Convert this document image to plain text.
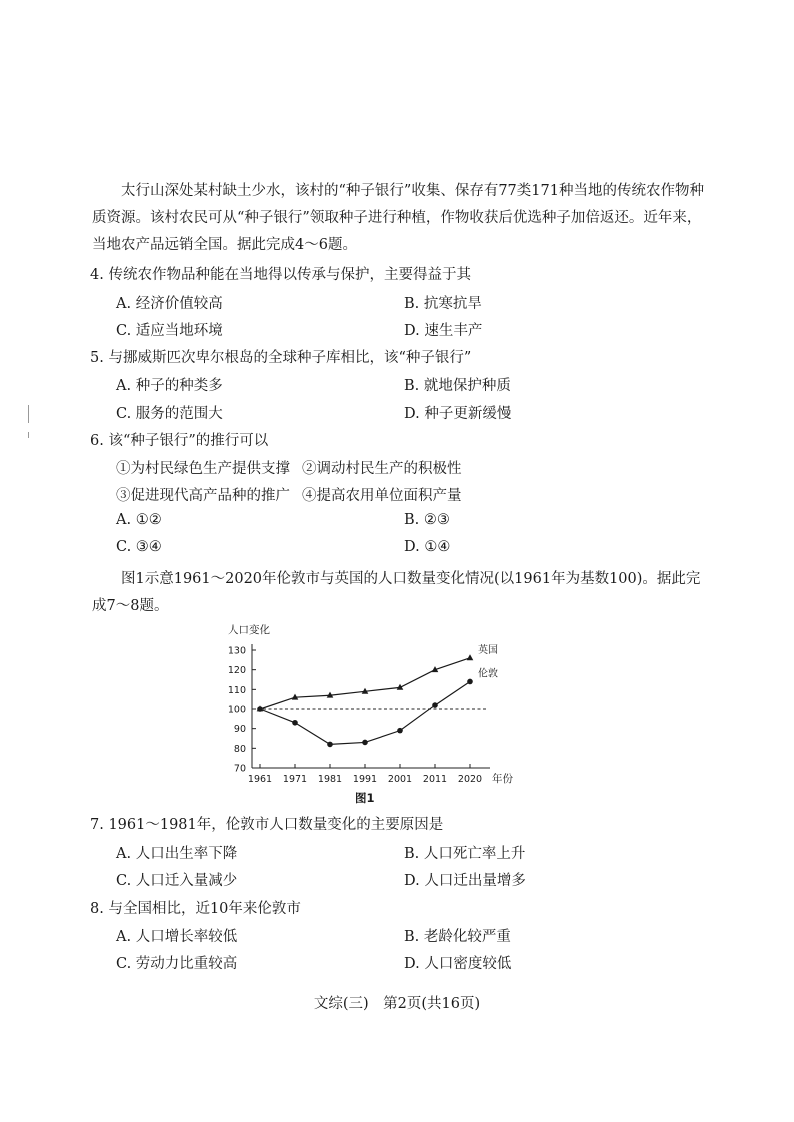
太行山深处某村缺土少水，该村的“种子银行”收集、保存有77类171种当地的传统农作物种质资源。该村农民可从“种子银行”领取种子进行种植，作物收获后优选种子加倍返还。近年来，当地农产品远销全国。据此完成4～6题。

4. 传统农作物品种能在当地得以传承与保护，主要得益于其

A. 经济价值较高	B. 抗寒抗旱

C. 适应当地环境	D. 速生丰产

5. 与挪威斯匹次卑尔根岛的全球种子库相比，该“种子银行”

A. 种子的种类多	B. 就地保护种质

C. 服务的范围大	D. 种子更新缓慢

6. 该“种子银行”的推行可以

①为村民绿色生产提供支撑 ②调动村民生产的积极性

③促进现代高产品种的推广 ④提高农用单位面积产量

A. ①②	B. ②③

C. ③④	D. ①④

图1示意1961～2020年伦敦市与英国的人口数量变化情况(以1961年为基数100)。据此完成7～8题。

人口变化
年份
70
80
90
100
110
120
130
1961 1971 1981 1991 2001 2011 2020
英国
伦敦
图1

7. 1961～1981年，伦敦市人口数量变化的主要原因是

A. 人口出生率下降	B. 人口死亡率上升

C. 人口迁入量减少	D. 人口迁出量增多

8. 与全国相比，近10年来伦敦市

A. 人口增长率较低	B. 老龄化较严重

C. 劳动力比重较高	D. 人口密度较低

文综(三)　第2页(共16页)
